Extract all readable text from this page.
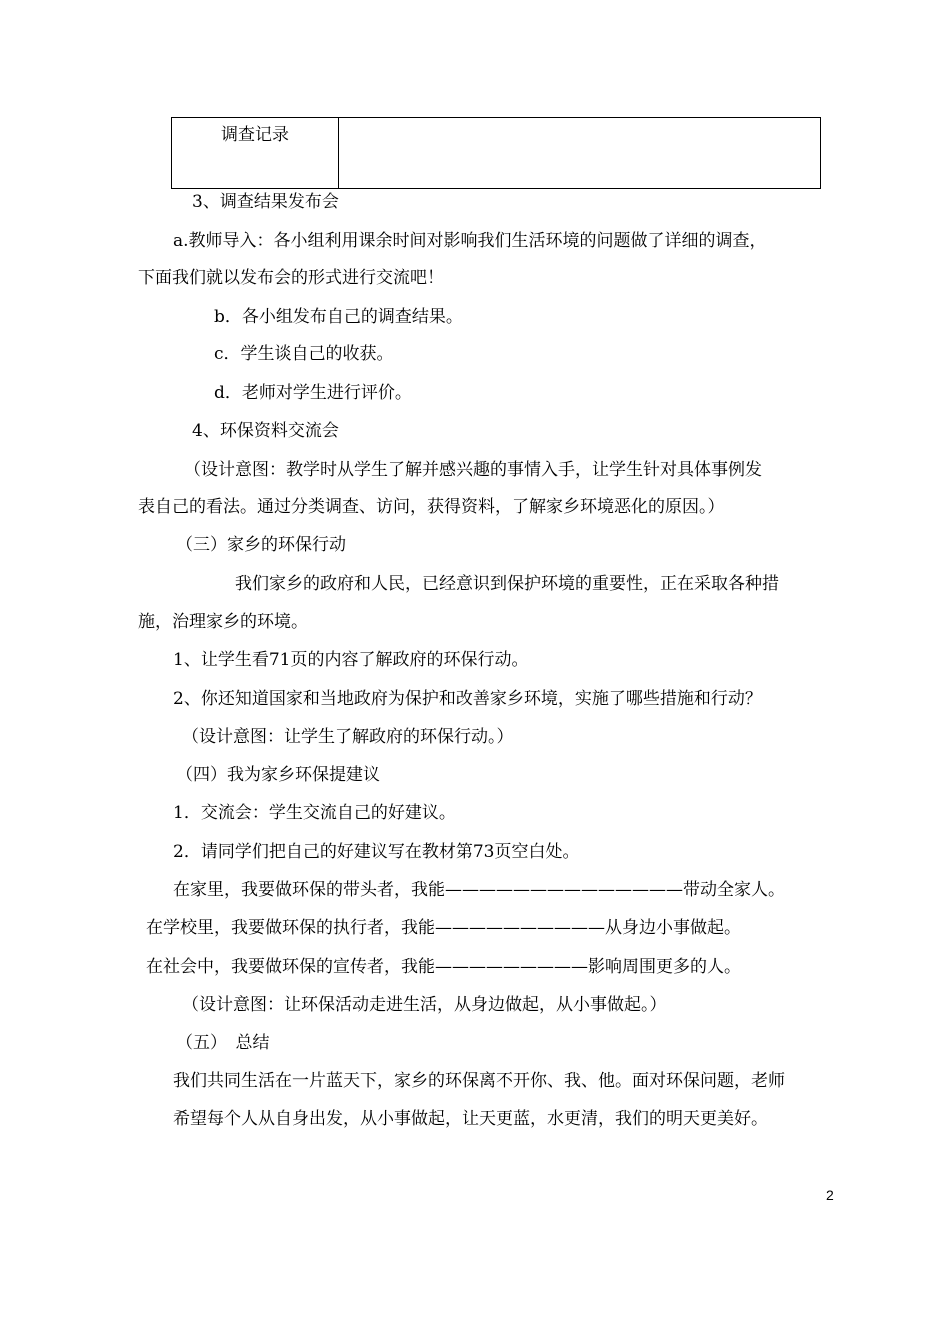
调查记录	
3、调查结果发布会
a.教师导入：各小组利用课余时间对影响我们生活环境的问题做了详细的调查，
下面我们就以发布会的形式进行交流吧！
b．各小组发布自己的调查结果。
c．学生谈自己的收获。
d．老师对学生进行评价。
4、环保资料交流会
（设计意图：教学时从学生了解并感兴趣的事情入手，让学生针对具体事例发
表自己的看法。通过分类调查、访问，获得资料，了解家乡环境恶化的原因。）
（三）家乡的环保行动
我们家乡的政府和人民，已经意识到保护环境的重要性，正在采取各种措
施，治理家乡的环境。
1、让学生看71页的内容了解政府的环保行动。
2、你还知道国家和当地政府为保护和改善家乡环境，实施了哪些措施和行动？
（设计意图：让学生了解政府的环保行动。）
（四）我为家乡环保提建议
1．交流会：学生交流自己的好建议。
2．请同学们把自己的好建议写在教材第73页空白处。
在家里，我要做环保的带头者，我能——————————————带动全家人。
在学校里，我要做环保的执行者，我能——————————从身边小事做起。
在社会中，我要做环保的宣传者，我能—————————影响周围更多的人。
（设计意图：让环保活动走进生活，从身边做起，从小事做起。）
（五）　总结
我们共同生活在一片蓝天下，家乡的环保离不开你、我、他。面对环保问题，老师
希望每个人从自身出发，从小事做起，让天更蓝，水更清，我们的明天更美好。
2
